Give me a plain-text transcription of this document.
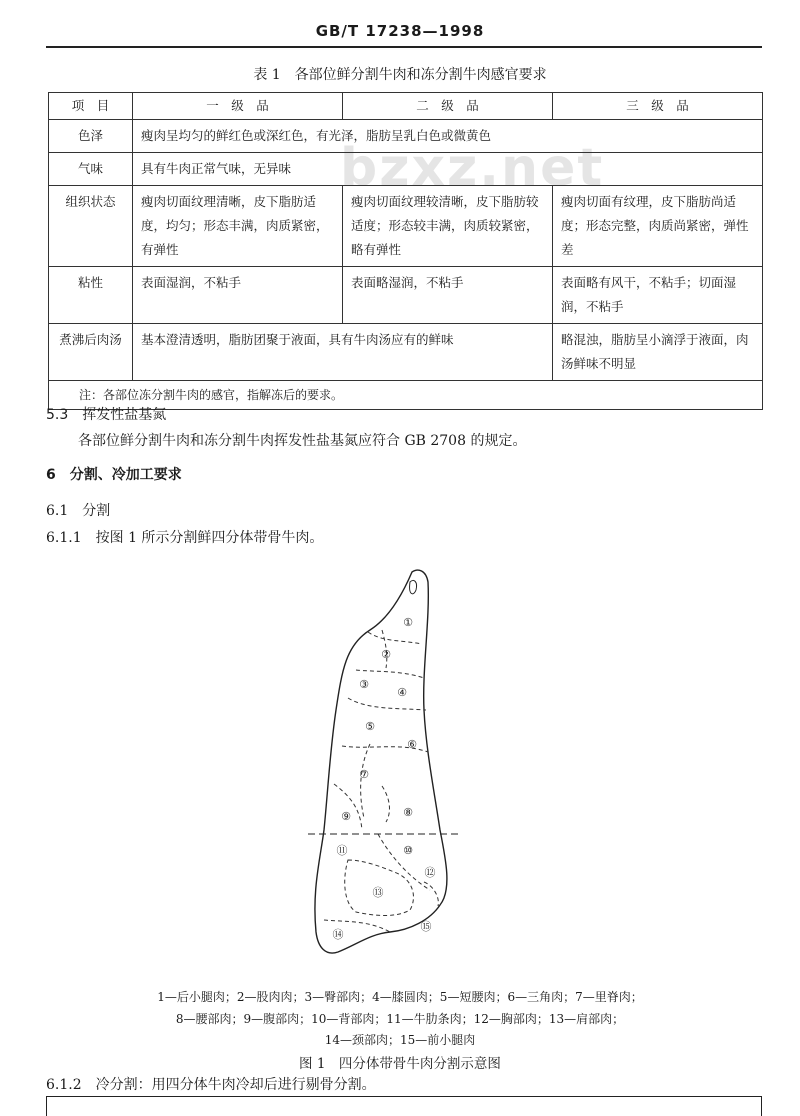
GB/T 17238—1998
表 1　各部位鲜分割牛肉和冻分割牛肉感官要求
bzxz.net
项　目	一　级　品	二　级　品	三　级　品
色泽	瘦肉呈均匀的鲜红色或深红色，有光泽，脂肪呈乳白色或微黄色		
气味	具有牛肉正常气味，无异味		
组织状态	瘦肉切面纹理清晰，皮下脂肪适度，均匀；形态丰满，肉质紧密，有弹性	瘦肉切面纹理较清晰，皮下脂肪较适度；形态较丰满，肉质较紧密，略有弹性	瘦肉切面有纹理，皮下脂肪尚适度；形态完整，肉质尚紧密，弹性差
粘性	表面湿润，不粘手	表面略湿润，不粘手	表面略有风干，不粘手；切面湿润，不粘手
煮沸后肉汤	基本澄清透明，脂肪团聚于液面，具有牛肉汤应有的鲜味		略混浊，脂肪呈小滴浮于液面，肉汤鲜味不明显
注：各部位冻分割牛肉的感官，指解冻后的要求。			
5.3　挥发性盐基氮
各部位鲜分割牛肉和冻分割牛肉挥发性盐基氮应符合 GB 2708 的规定。
6　分割、冷加工要求
6.1　分割
6.1.1　按图 1 所示分割鲜四分体带骨牛肉。
①
②
③
④
⑤
⑥
⑦
⑧
⑨
⑩
⑪
⑫
⑬
⑭
⑮
1—后小腿肉；2—股肉肉；3—臀部肉；4—膝圆肉；5—短腰肉；6—三角肉；7—里脊肉；
8—腰部肉；9—腹部肉；10—背部肉；11—牛肋条肉；12—胸部肉；13—肩部肉；
14—颈部肉；15—前小腿肉
图 1　四分体带骨牛肉分割示意图
6.1.2　冷分割：用四分体牛肉冷却后进行剔骨分割。
